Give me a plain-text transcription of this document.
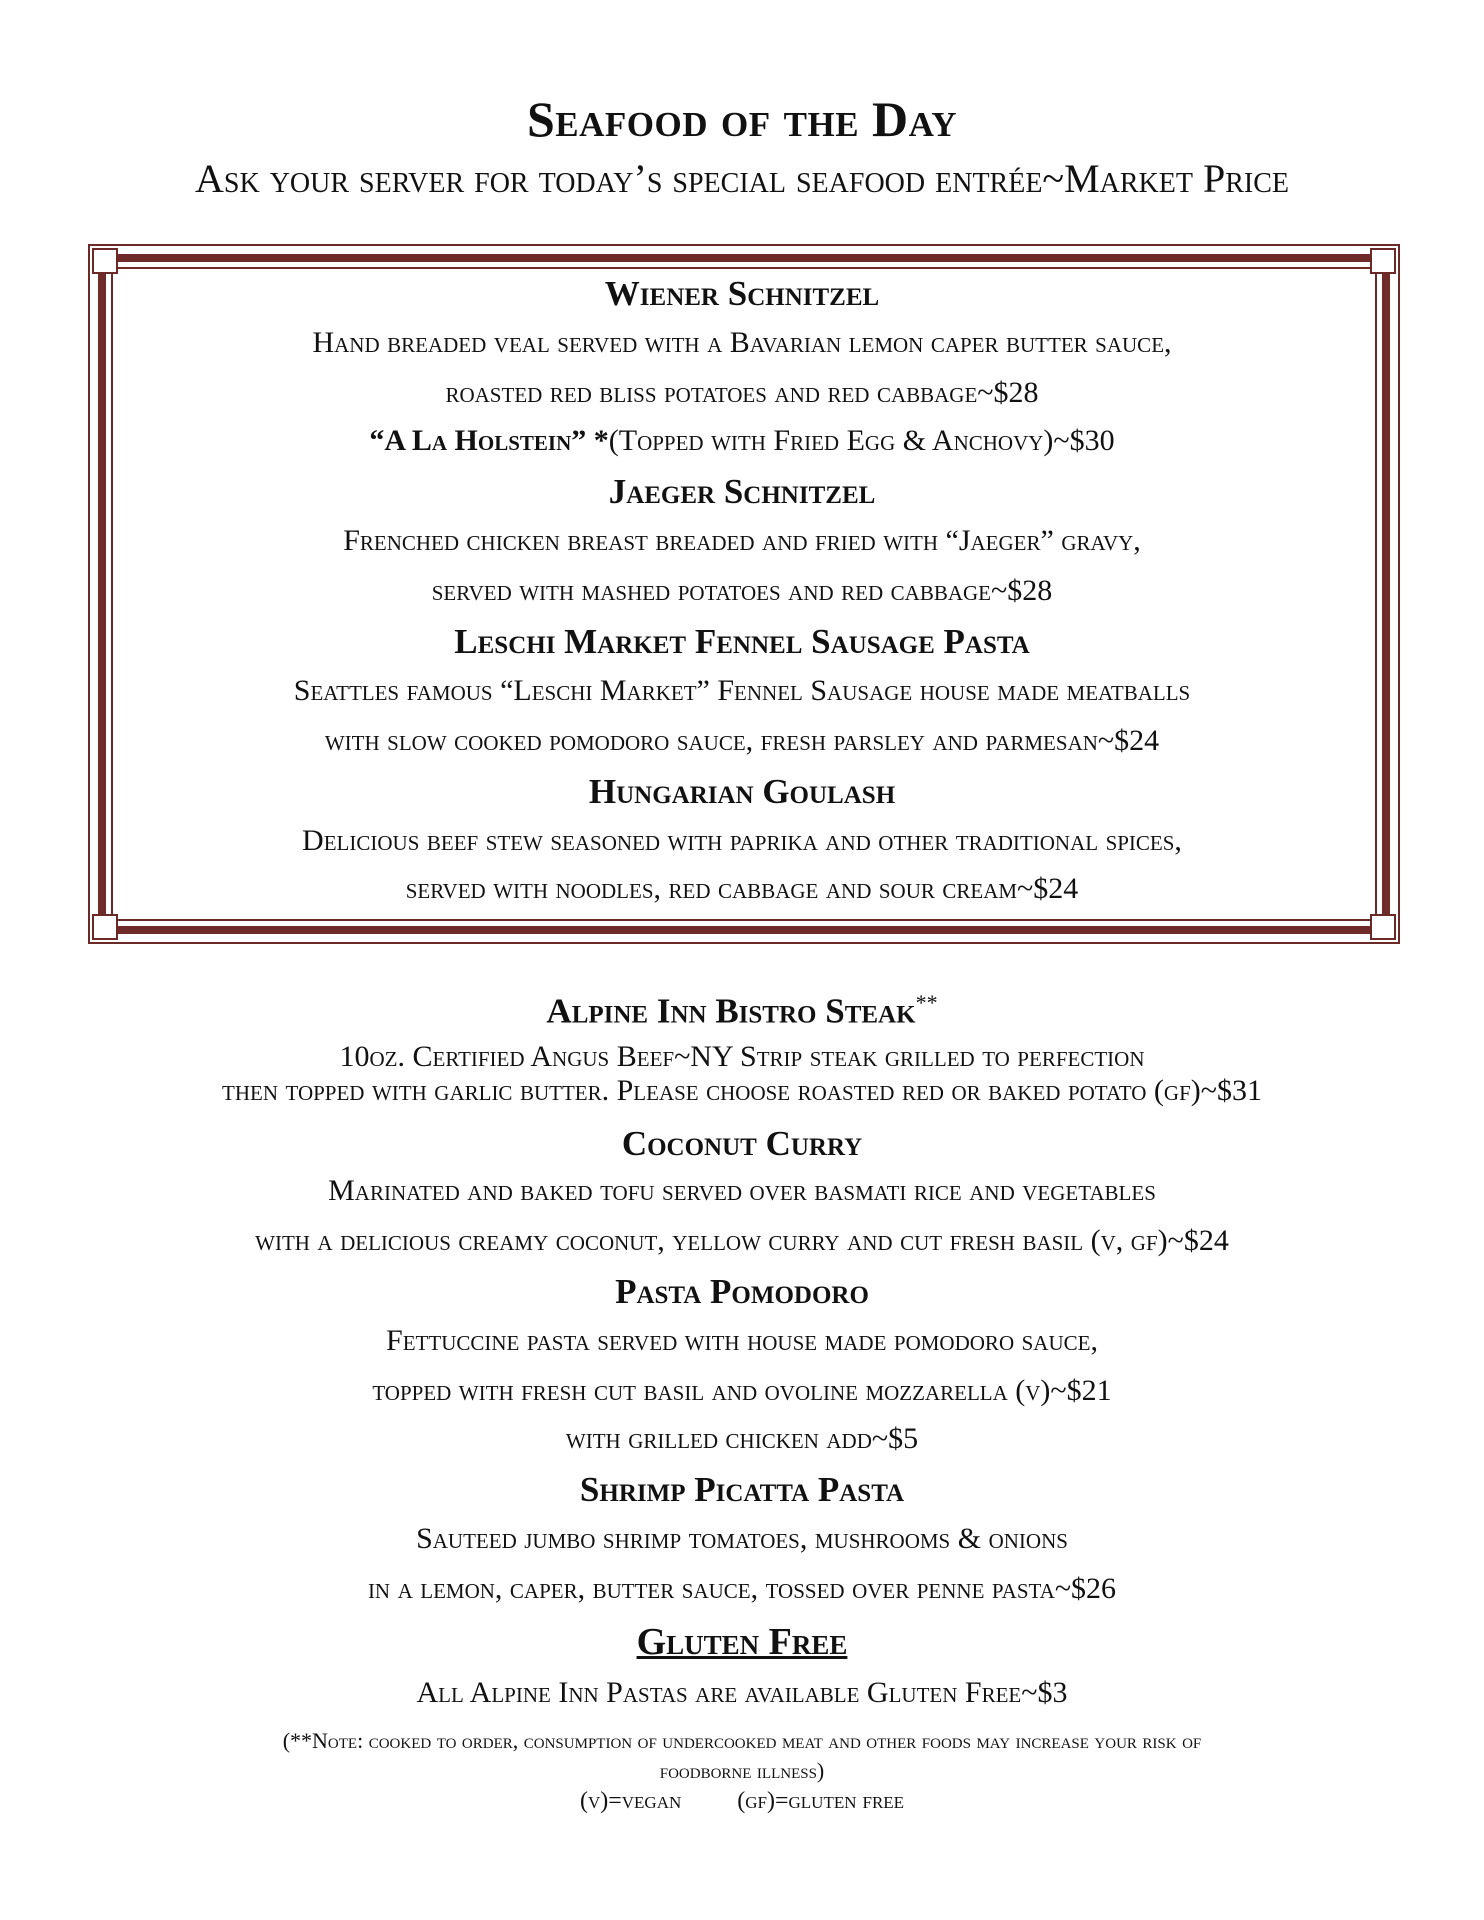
Seafood of the Day
Ask your server for today’s special seafood entrée~Market Price
Wiener Schnitzel
Hand breaded veal served with a Bavarian lemon caper butter sauce,
roasted red bliss potatoes and red cabbage~$28
“A La Holstein” *(Topped with Fried Egg & Anchovy)~$30
Jaeger Schnitzel
Frenched chicken breast breaded and fried with “Jaeger” gravy,
served with mashed potatoes and red cabbage~$28
Leschi Market Fennel Sausage Pasta
Seattles famous “Leschi Market” Fennel Sausage house made meatballs
with slow cooked pomodoro sauce, fresh parsley and parmesan~$24
Hungarian Goulash
Delicious beef stew seasoned with paprika and other traditional spices,
served with noodles, red cabbage and sour cream~$24
Alpine Inn Bistro Steak**
10oz. Certified Angus Beef~NY Strip steak grilled to perfection
then topped with garlic butter. Please choose roasted red or baked potato (gf)~$31
Coconut Curry
Marinated and baked tofu served over basmati rice and vegetables
with a delicious creamy coconut, yellow curry and cut fresh basil (v, gf)~$24
Pasta Pomodoro
Fettuccine pasta served with house made pomodoro sauce,
topped with fresh cut basil and ovoline mozzarella (v)~$21
with grilled chicken add~$5
Shrimp Picatta Pasta
Sauteed jumbo shrimp tomatoes, mushrooms & onions
in a lemon, caper, butter sauce, tossed over penne pasta~$26
Gluten Free
All Alpine Inn Pastas are available Gluten Free~$3
(**Note: cooked to order, consumption of undercooked meat and other foods may increase your risk of
foodborne illness)
(v)=vegan (gf)=gluten free
